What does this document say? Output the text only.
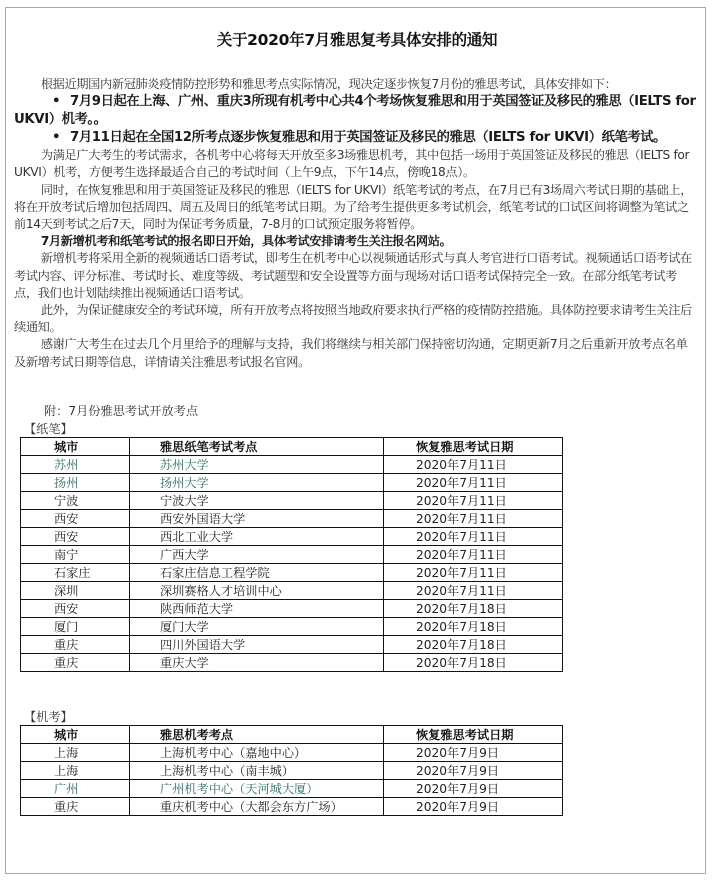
关于2020年7月雅思复考具体安排的通知

根据近期国内新冠肺炎疫情防控形势和雅思考点实际情况，现决定逐步恢复7月份的雅思考试，具体安排如下：

• 7月9日起在上海、广州、重庆3所现有机考中心共4个考场恢复雅思和用于英国签证及移民的雅思（IELTS for UKVI）机考。。

• 7月11日起在全国12所考点逐步恢复雅思和用于英国签证及移民的雅思（IELTS for UKVI）纸笔考试。

为满足广大考生的考试需求，各机考中心将每天开放至多3场雅思机考，其中包括一场用于英国签证及移民的雅思（IELTS for UKVI）机考，方便考生选择最适合自己的考试时间（上午9点，下午14点，傍晚18点）。

同时，在恢复雅思和用于英国签证及移民的雅思（IELTS for UKVI）纸笔考试的考点，在7月已有3场周六考试日期的基础上，将在开放考试后增加包括周四、周五及周日的纸笔考试日期。为了给考生提供更多考试机会，纸笔考试的口试区间将调整为笔试之前14天到考试之后7天，同时为保证考务质量，7-8月的口试预定服务将暂停。

7月新增机考和纸笔考试的报名即日开始，具体考试安排请考生关注报名网站。

新增机考将采用全新的视频通话口语考试，即考生在机考中心以视频通话形式与真人考官进行口语考试。视频通话口语考试在考试内容、评分标准、考试时长、难度等级、考试题型和安全设置等方面与现场对话口语考试保持完全一致。在部分纸笔考试考点，我们也计划陆续推出视频通话口语考试。

此外，为保证健康安全的考试环境，所有开放考点将按照当地政府要求执行严格的疫情防控措施。具体防控要求请考生关注后续通知。

感谢广大考生在过去几个月里给予的理解与支持，我们将继续与相关部门保持密切沟通，定期更新7月之后重新开放考点名单及新增考试日期等信息，详情请关注雅思考试报名官网。

附：7月份雅思考试开放考点
【纸笔】
城市	雅思纸笔考试考点	恢复雅思考试日期
苏州	苏州大学	2020年7月11日
扬州	扬州大学	2020年7月11日
宁波	宁波大学	2020年7月11日
西安	西安外国语大学	2020年7月11日
西安	西北工业大学	2020年7月11日
南宁	广西大学	2020年7月11日
石家庄	石家庄信息工程学院	2020年7月11日
深圳	深圳赛格人才培训中心	2020年7月11日
西安	陕西师范大学	2020年7月18日
厦门	厦门大学	2020年7月18日
重庆	四川外国语大学	2020年7月18日
重庆	重庆大学	2020年7月18日
【机考】
城市	雅思机考考点	恢复雅思考试日期
上海	上海机考中心（嘉地中心）	2020年7月9日
上海	上海机考中心（南丰城）	2020年7月9日
广州	广州机考中心（天河城大厦）	2020年7月9日
重庆	重庆机考中心（大都会东方广场）	2020年7月9日
